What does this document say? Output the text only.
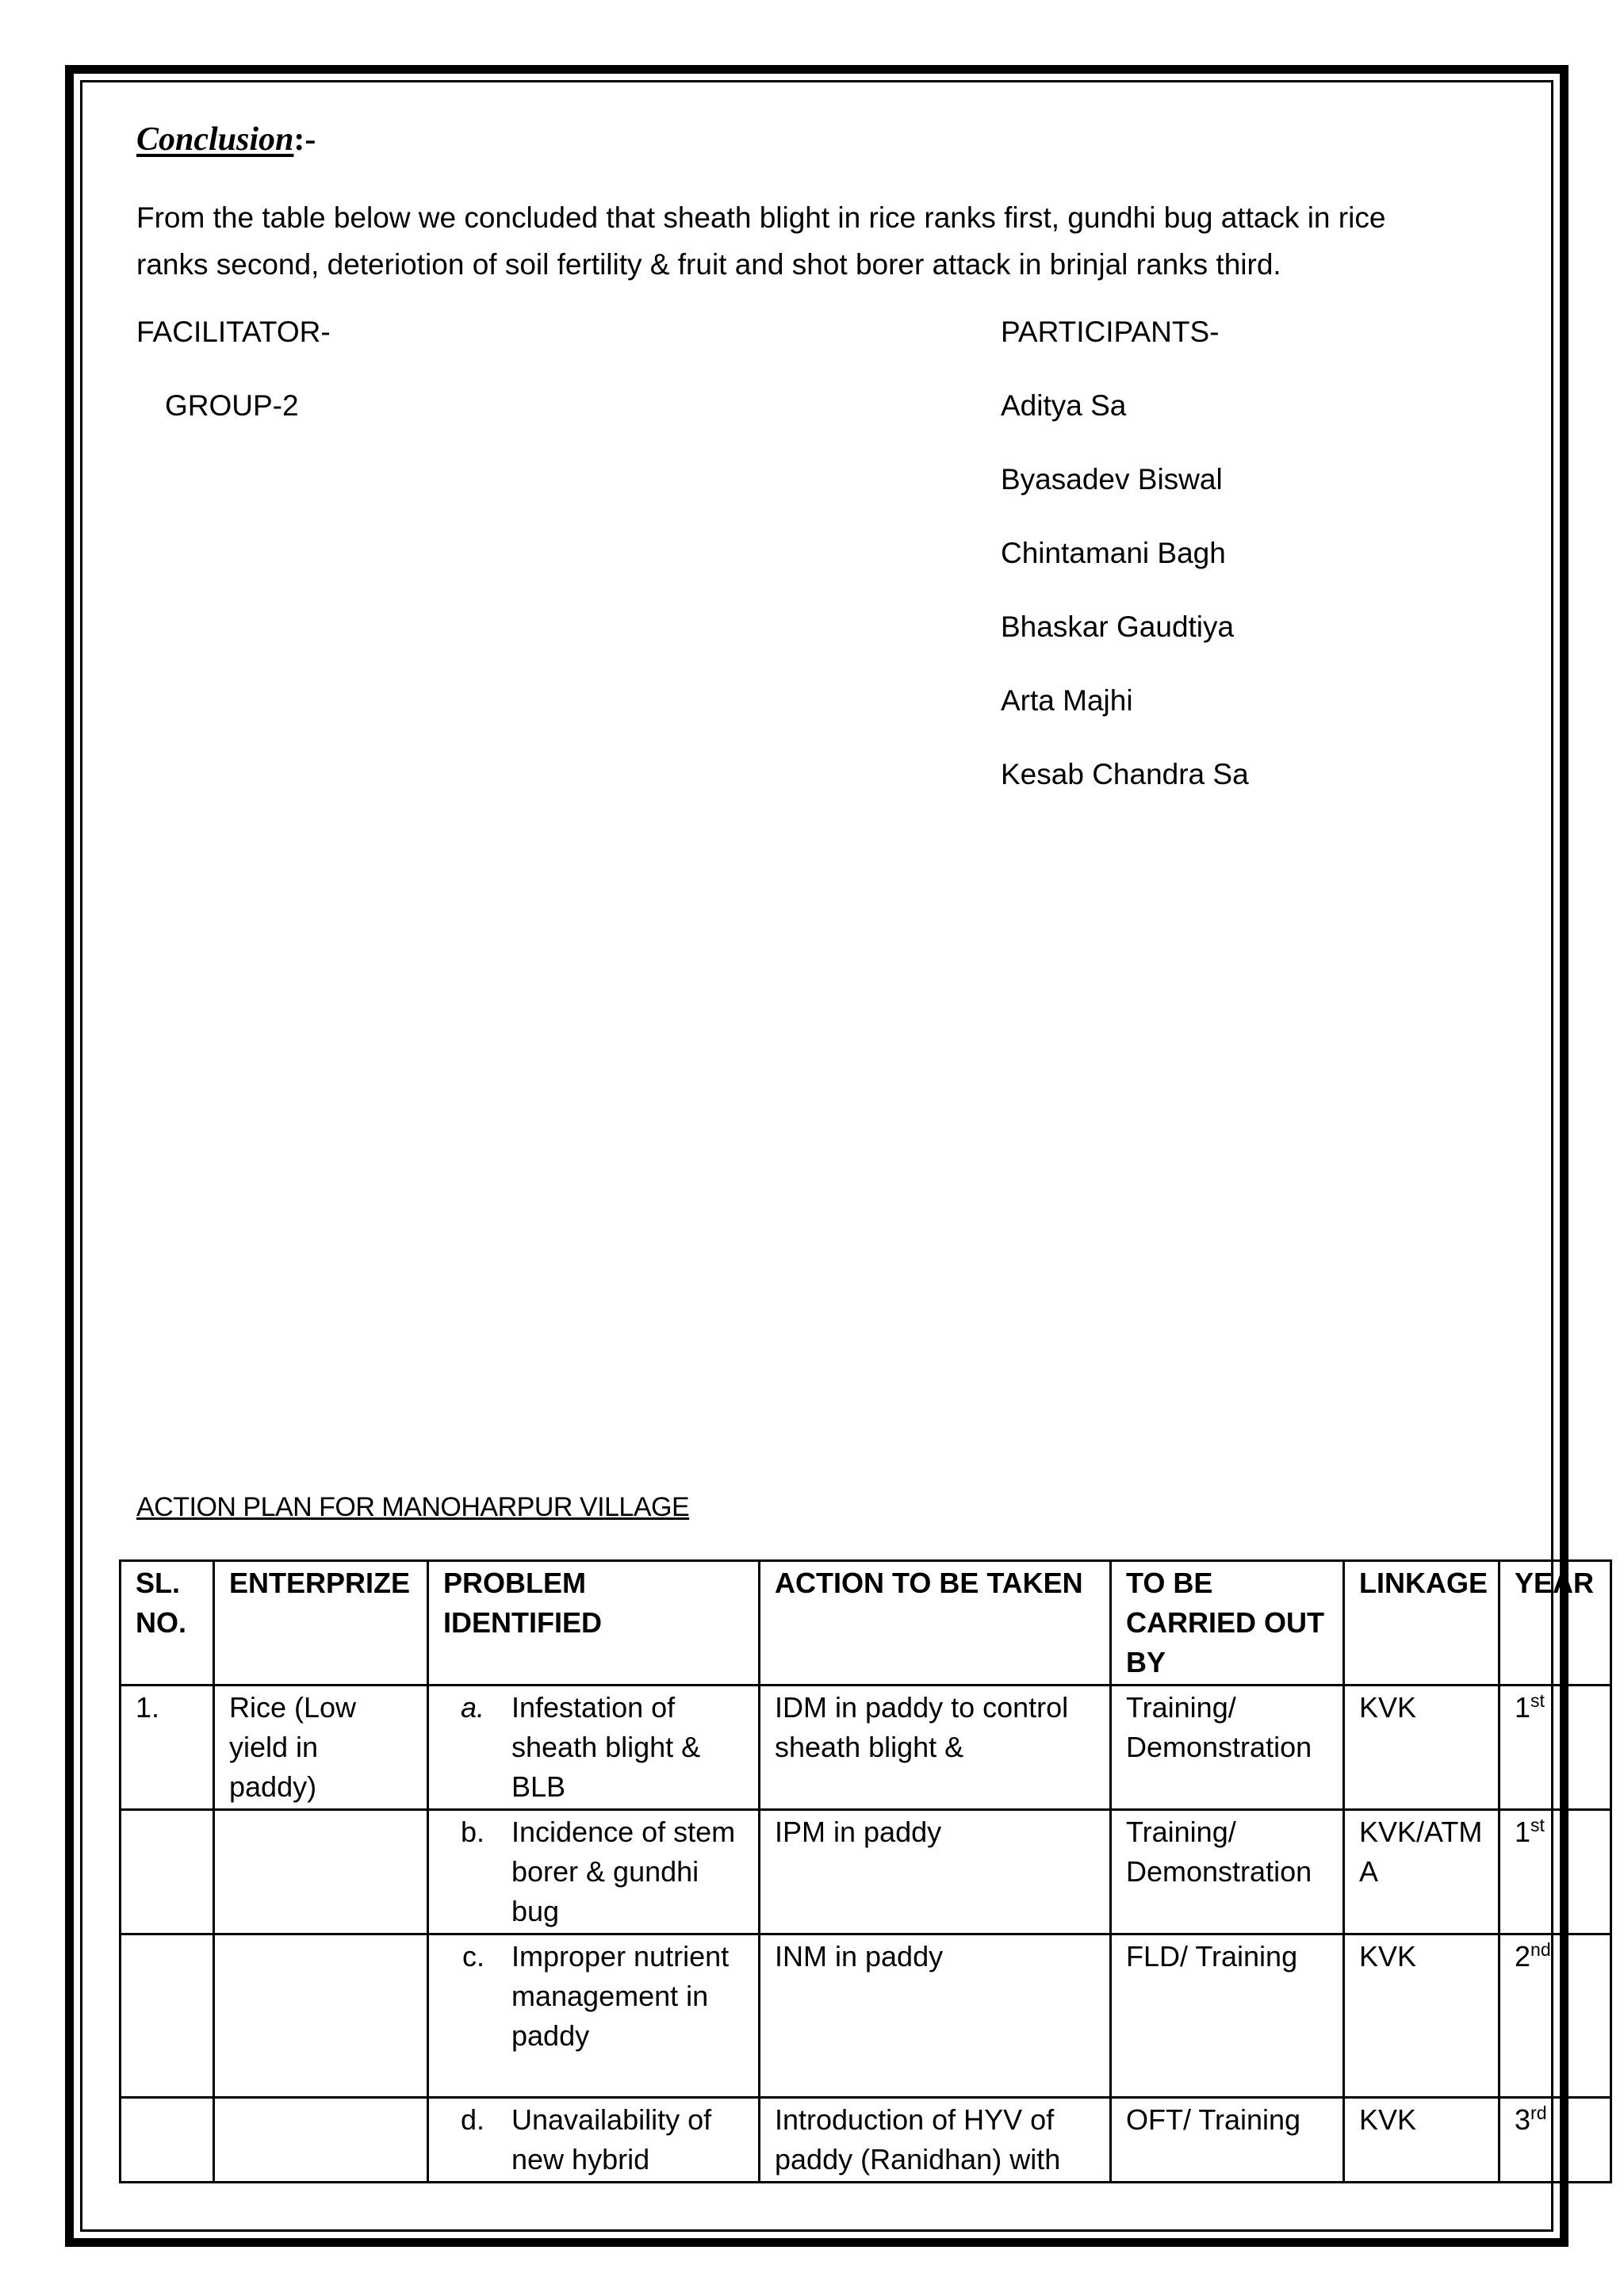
Conclusion:-

From the table below we concluded that sheath blight in rice ranks first, gundhi bug attack in rice ranks second, deteriotion of soil fertility & fruit and shot borer attack in brinjal ranks third.

FACILITATOR-

GROUP-2

PARTICIPANTS-

Aditya Sa
Byasadev Biswal
Chintamani Bagh
Bhaskar Gaudtiya
Arta Majhi
Kesab Chandra Sa

ACTION PLAN FOR MANOHARPUR VILLAGE

SL. NO.	ENTERPRIZE	PROBLEM IDENTIFIED	ACTION TO BE TAKEN	TO BE CARRIED OUT BY	LINKAGE	YEAR
1.	Rice (Low yield in paddy)	a. Infestation of sheath blight & BLB	IDM in paddy to control sheath blight &	Training/ Demonstration	KVK	1st

		b. Incidence of stem borer & gundhi bug	IPM in paddy	Training/ Demonstration	KVK/ATMA	1st

		c. Improper nutrient management in paddy	INM in paddy	FLD/ Training	KVK	2nd

		d. Unavailability of new hybrid	Introduction of HYV of paddy (Ranidhan) with	OFT/ Training	KVK	3rd
